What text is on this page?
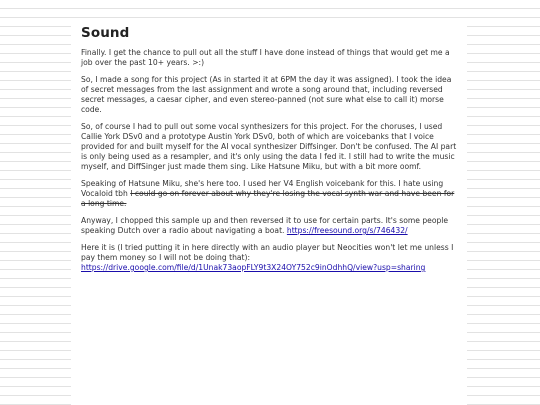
Sound

Finally. I get the chance to pull out all the stuff I have done instead of things that would get me a job over the past 10+ years. >:)

So, I made a song for this project (As in started it at 6PM the day it was assigned). I took the idea of secret messages from the last assignment and wrote a song around that, including reversed secret messages, a caesar cipher, and even stereo-panned (not sure what else to call it) morse code.

So, of course I had to pull out some vocal synthesizers for this project. For the choruses, I used Callie York DSv0 and a prototype Austin York DSv0, both of which are voicebanks that I voice provided for and built myself for the AI vocal synthesizer Diffsinger. Don't be confused. The AI part is only being used as a resampler, and it's only using the data I fed it. I still had to write the music myself, and DiffSinger just made them sing. Like Hatsune Miku, but with a bit more oomf.

Speaking of Hatsune Miku, she's here too. I used her V4 English voicebank for this. I hate using Vocaloid tbh I could go on forever about why they're losing the vocal synth war and have been for a long time.

Anyway, I chopped this sample up and then reversed it to use for certain parts. It's some people speaking Dutch over a radio about navigating a boat. https://freesound.org/s/746432/

Here it is (I tried putting it in here directly with an audio player but Neocities won't let me unless I pay them money so I will not be doing that):
https://drive.google.com/file/d/1Unak73aopFLY9t3X24OY752c9inOdhhQ/view?usp=sharing
